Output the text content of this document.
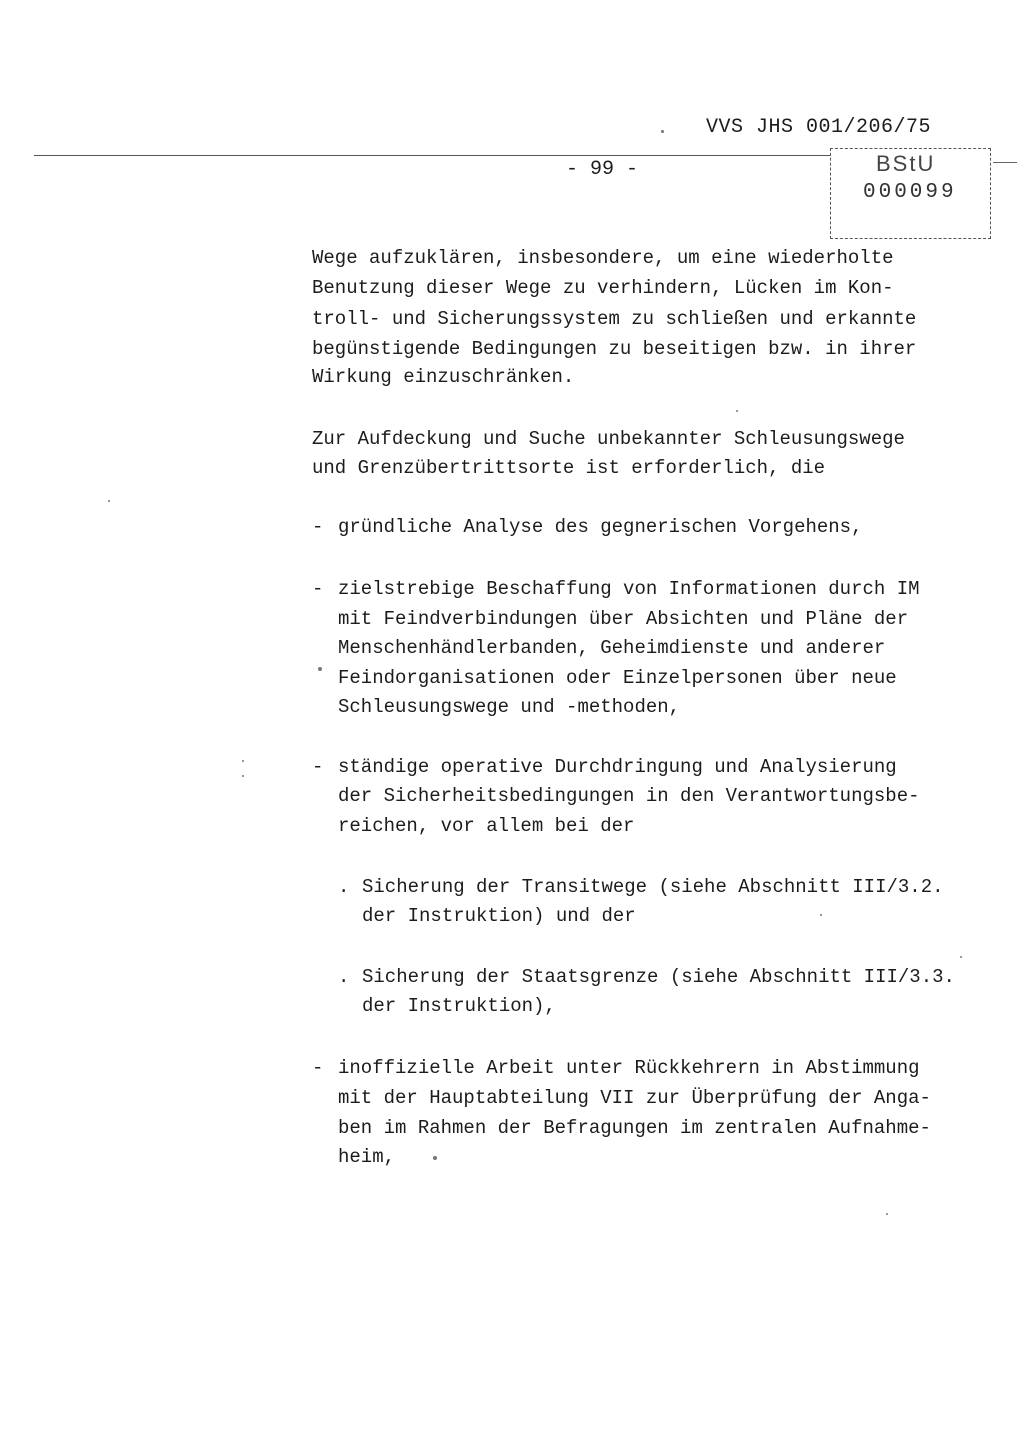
VVS JHS 001/206/75
- 99 -	BStU
000099

Wege aufzuklären, insbesondere, um eine wiederholte

Benutzung dieser Wege zu verhindern, Lücken im Kon-

troll- und Sicherungssystem zu schließen und erkannte

begünstigende Bedingungen zu beseitigen bzw. in ihrer

Wirkung einzuschränken.

Zur Aufdeckung und Suche unbekannter Schleusungswege

und Grenzübertrittsorte ist erforderlich, die

- gründliche Analyse des gegnerischen Vorgehens,

- zielstrebige Beschaffung von Informationen durch IM

mit Feindverbindungen über Absichten und Pläne der

Menschenhändlerbanden, Geheimdienste und anderer

Feindorganisationen oder Einzelpersonen über neue

Schleusungswege und -methoden,

- ständige operative Durchdringung und Analysierung

der Sicherheitsbedingungen in den Verantwortungsbe-

reichen, vor allem bei der

. Sicherung der Transitwege (siehe Abschnitt III/3.2.

der Instruktion) und der

. Sicherung der Staatsgrenze (siehe Abschnitt III/3.3.

der Instruktion),

- inoffizielle Arbeit unter Rückkehrern in Abstimmung

mit der Hauptabteilung VII zur Überprüfung der Anga-

ben im Rahmen der Befragungen im zentralen Aufnahme-

heim,
